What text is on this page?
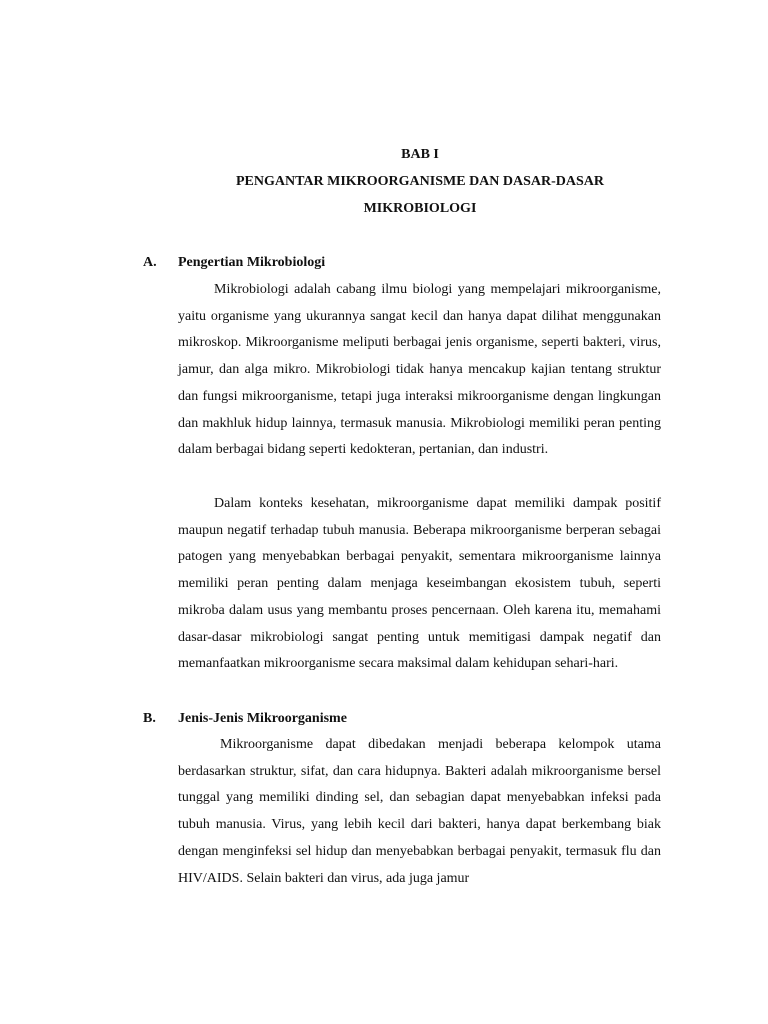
BAB I
PENGANTAR MIKROORGANISME DAN DASAR-DASAR
MIKROBIOLOGI
A. Pengertian Mikrobiologi

Mikrobiologi adalah cabang ilmu biologi yang mempelajari mikroorganisme, yaitu organisme yang ukurannya sangat kecil dan hanya dapat dilihat menggunakan mikroskop. Mikroorganisme meliputi berbagai jenis organisme, seperti bakteri, virus, jamur, dan alga mikro. Mikrobiologi tidak hanya mencakup kajian tentang struktur dan fungsi mikroorganisme, tetapi juga interaksi mikroorganisme dengan lingkungan dan makhluk hidup lainnya, termasuk manusia. Mikrobiologi memiliki peran penting dalam berbagai bidang seperti kedokteran, pertanian, dan industri.

Dalam konteks kesehatan, mikroorganisme dapat memiliki dampak positif maupun negatif terhadap tubuh manusia. Beberapa mikroorganisme berperan sebagai patogen yang menyebabkan berbagai penyakit, sementara mikroorganisme lainnya memiliki peran penting dalam menjaga keseimbangan ekosistem tubuh, seperti mikroba dalam usus yang membantu proses pencernaan. Oleh karena itu, memahami dasar-dasar mikrobiologi sangat penting untuk memitigasi dampak negatif dan memanfaatkan mikroorganisme secara maksimal dalam kehidupan sehari-hari.

B. Jenis-Jenis Mikroorganisme

Mikroorganisme dapat dibedakan menjadi beberapa kelompok utama berdasarkan struktur, sifat, dan cara hidupnya. Bakteri adalah mikroorganisme bersel tunggal yang memiliki dinding sel, dan sebagian dapat menyebabkan infeksi pada tubuh manusia. Virus, yang lebih kecil dari bakteri, hanya dapat berkembang biak dengan menginfeksi sel hidup dan menyebabkan berbagai penyakit, termasuk flu dan HIV/AIDS. Selain bakteri dan virus, ada juga jamur
